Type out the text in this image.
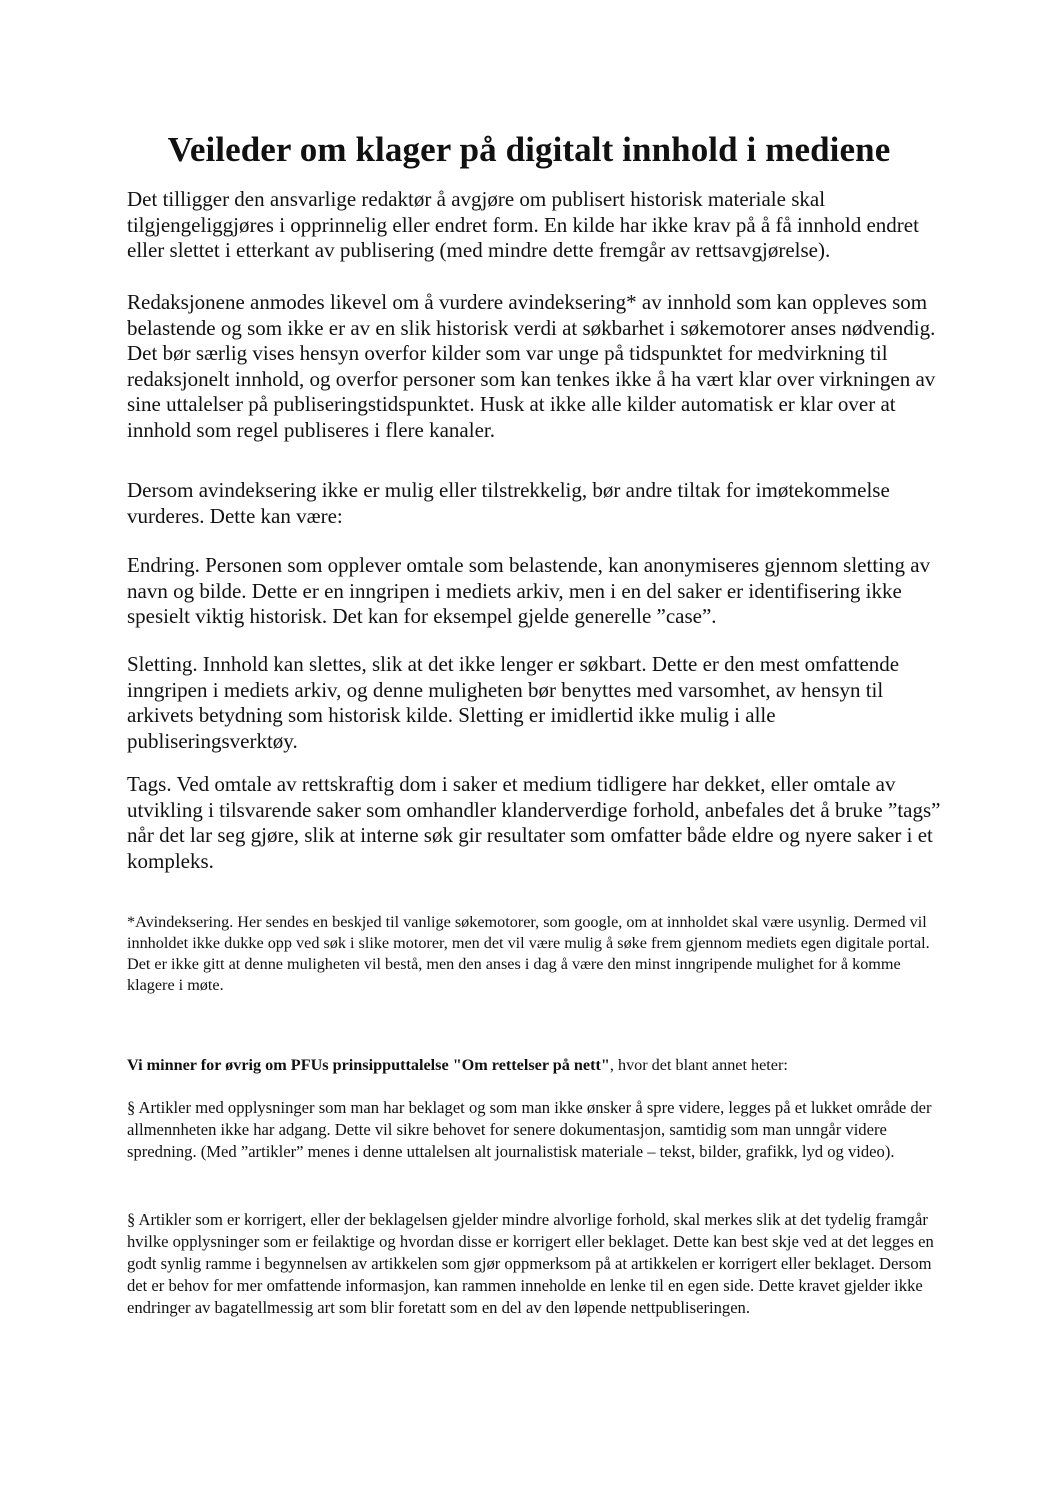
Veileder om klager på digitalt innhold i mediene

Det tilligger den ansvarlige redaktør å avgjøre om publisert historisk materiale skal tilgjengeliggjøres i opprinnelig eller endret form. En kilde har ikke krav på å få innhold endret eller slettet i etterkant av publisering (med mindre dette fremgår av rettsavgjørelse).

Redaksjonene anmodes likevel om å vurdere avindeksering* av innhold som kan oppleves som belastende og som ikke er av en slik historisk verdi at søkbarhet i søkemotorer anses nødvendig. Det bør særlig vises hensyn overfor kilder som var unge på tidspunktet for medvirkning til redaksjonelt innhold, og overfor personer som kan tenkes ikke å ha vært klar over virkningen av sine uttalelser på publiseringstidspunktet. Husk at ikke alle kilder automatisk er klar over at innhold som regel publiseres i flere kanaler.

Dersom avindeksering ikke er mulig eller tilstrekkelig, bør andre tiltak for imøtekommelse vurderes. Dette kan være:

Endring. Personen som opplever omtale som belastende, kan anonymiseres gjennom sletting av navn og bilde. Dette er en inngripen i mediets arkiv, men i en del saker er identifisering ikke spesielt viktig historisk. Det kan for eksempel gjelde generelle ”case”.

Sletting. Innhold kan slettes, slik at det ikke lenger er søkbart. Dette er den mest omfattende inngripen i mediets arkiv, og denne muligheten bør benyttes med varsomhet, av hensyn til arkivets betydning som historisk kilde. Sletting er imidlertid ikke mulig i alle publiseringsverktøy.

Tags. Ved omtale av rettskraftig dom i saker et medium tidligere har dekket, eller omtale av utvikling i tilsvarende saker som omhandler klanderverdige forhold, anbefales det å bruke ”tags” når det lar seg gjøre, slik at interne søk gir resultater som omfatter både eldre og nyere saker i et kompleks.

*Avindeksering. Her sendes en beskjed til vanlige søkemotorer, som google, om at innholdet skal være usynlig. Dermed vil innholdet ikke dukke opp ved søk i slike motorer, men det vil være mulig å søke frem gjennom mediets egen digitale portal. Det er ikke gitt at denne muligheten vil bestå, men den anses i dag å være den minst inngripende mulighet for å komme klagere i møte.

Vi minner for øvrig om PFUs prinsipputtalelse "Om rettelser på nett", hvor det blant annet heter:

§ Artikler med opplysninger som man har beklaget og som man ikke ønsker å spre videre, legges på et lukket område der allmennheten ikke har adgang. Dette vil sikre behovet for senere dokumentasjon, samtidig som man unngår videre spredning. (Med ”artikler” menes i denne uttalelsen alt journalistisk materiale – tekst, bilder, grafikk, lyd og video).

§ Artikler som er korrigert, eller der beklagelsen gjelder mindre alvorlige forhold, skal merkes slik at det tydelig framgår hvilke opplysninger som er feilaktige og hvordan disse er korrigert eller beklaget. Dette kan best skje ved at det legges en godt synlig ramme i begynnelsen av artikkelen som gjør oppmerksom på at artikkelen er korrigert eller beklaget. Dersom det er behov for mer omfattende informasjon, kan rammen inneholde en lenke til en egen side. Dette kravet gjelder ikke endringer av bagatellmessig art som blir foretatt som en del av den løpende nettpubliseringen.
